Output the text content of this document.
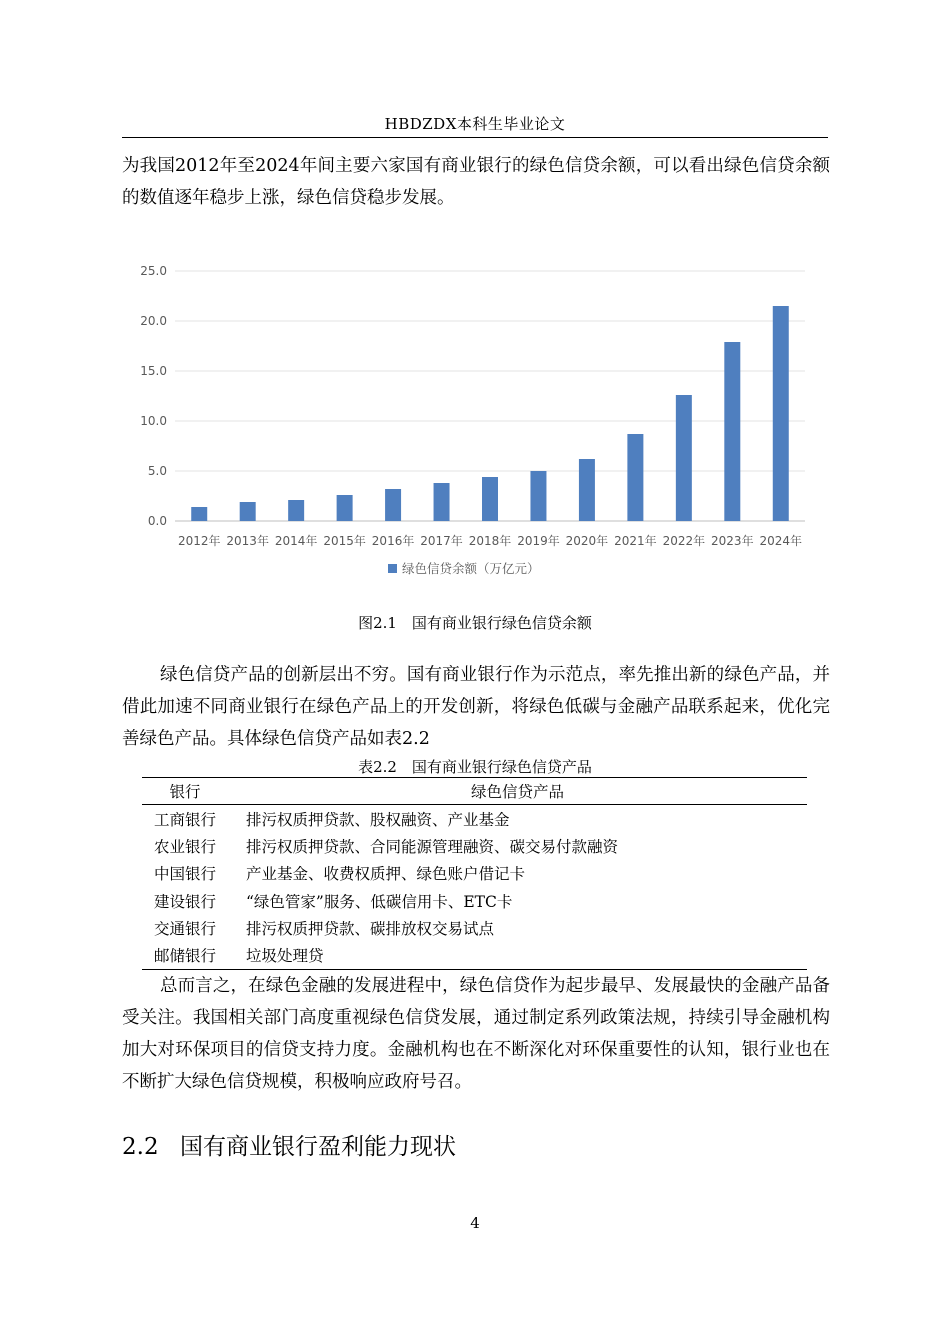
HBDZDX本科生毕业论文

为我国2012年至2024年间主要六家国有商业银行的绿色信贷余额，可以看出绿色信贷余额的数值逐年稳步上涨，绿色信贷稳步发展。

0.0
5.0
10.0
15.0
20.0
25.0
2012年 2013年 2014年 2015年 2016年 2017年 2018年 2019年 2020年 2021年 2022年 2023年 2024年
绿色信贷余额（万亿元）
图2.1　国有商业银行绿色信贷余额

绿色信贷产品的创新层出不穷。国有商业银行作为示范点，率先推出新的绿色产品，并借此加速不同商业银行在绿色产品上的开发创新，将绿色低碳与金融产品联系起来，优化完善绿色产品。具体绿色信贷产品如表2.2

表2.2　国有商业银行绿色信贷产品
银行	绿色信贷产品
工商银行	排污权质押贷款、股权融资、产业基金
农业银行	排污权质押贷款、合同能源管理融资、碳交易付款融资
中国银行	产业基金、收费权质押、绿色账户借记卡
建设银行	“绿色管家”服务、低碳信用卡、ETC卡
交通银行	排污权质押贷款、碳排放权交易试点
邮储银行	垃圾处理贷

总而言之，在绿色金融的发展进程中，绿色信贷作为起步最早、发展最快的金融产品备受关注。我国相关部门高度重视绿色信贷发展，通过制定系列政策法规，持续引导金融机构加大对环保项目的信贷支持力度。金融机构也在不断深化对环保重要性的认知，银行业也在不断扩大绿色信贷规模，积极响应政府号召。

2.2 国有商业银行盈利能力现状
4
